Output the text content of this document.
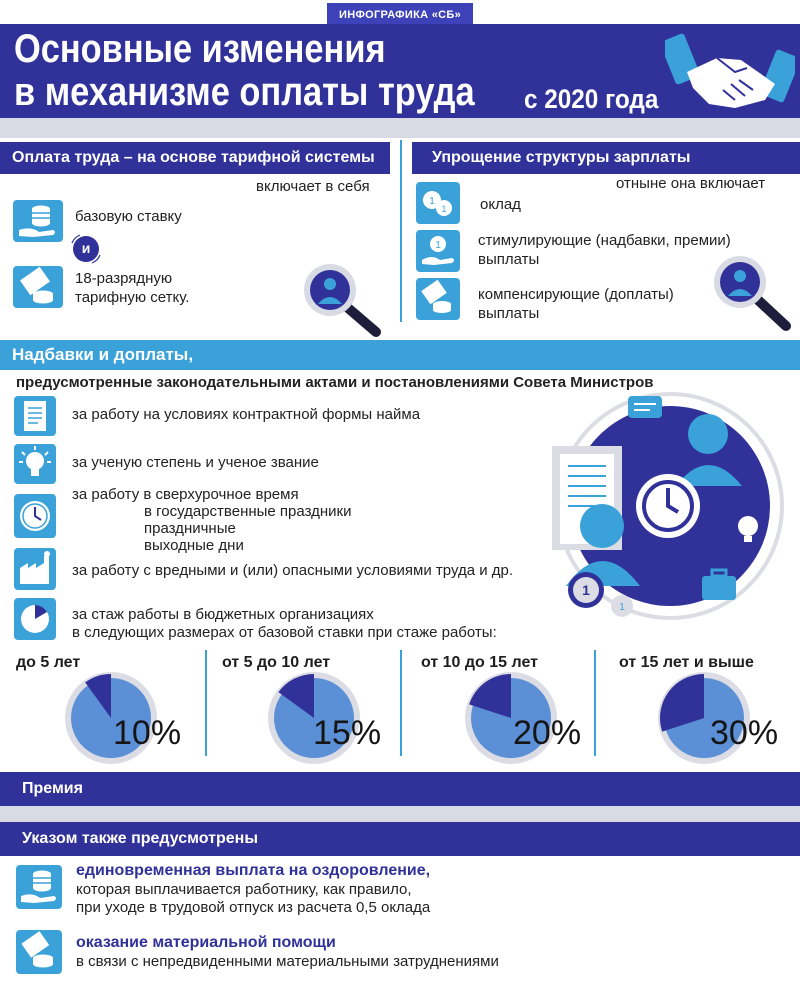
ИНФОГРАФИКА «СБ»
Основные изменения
в механизме оплаты труда с 2020 года
Оплата труда – на основе тарифной системы
включает в себя
базовую ставку
и
18-разрядную
тарифную сетку.
Упрощение структуры зарплаты
отныне она включает
1
1 оклад
1 стимулирующие (надбавки, премии)
выплаты
компенсирующие (доплаты)
выплаты
Надбавки и доплаты,
предусмотренные законодательными актами и постановлениями Совета Министров
за работу на условиях контрактной формы найма
за ученую степень и ученое звание
за работу в сверхурочное время
в государственные праздники
праздничные
выходные дни
за работу с вредными и (или) опасными условиями труда и др.
за стаж работы в бюджетных организациях
в следующих размерах от базовой ставки при стаже работы:
1
1
до 5 лет	от 5 до 10 лет	от 10 до 15 лет	от 15 лет и выше
10%	15%	20%	30%
Премия
Указом также предусмотрены
единовременная выплата на оздоровление,
которая выплачивается работнику, как правило,
при уходе в трудовой отпуск из расчета 0,5 оклада
оказание материальной помощи
в связи с непредвиденными материальными затруднениями
